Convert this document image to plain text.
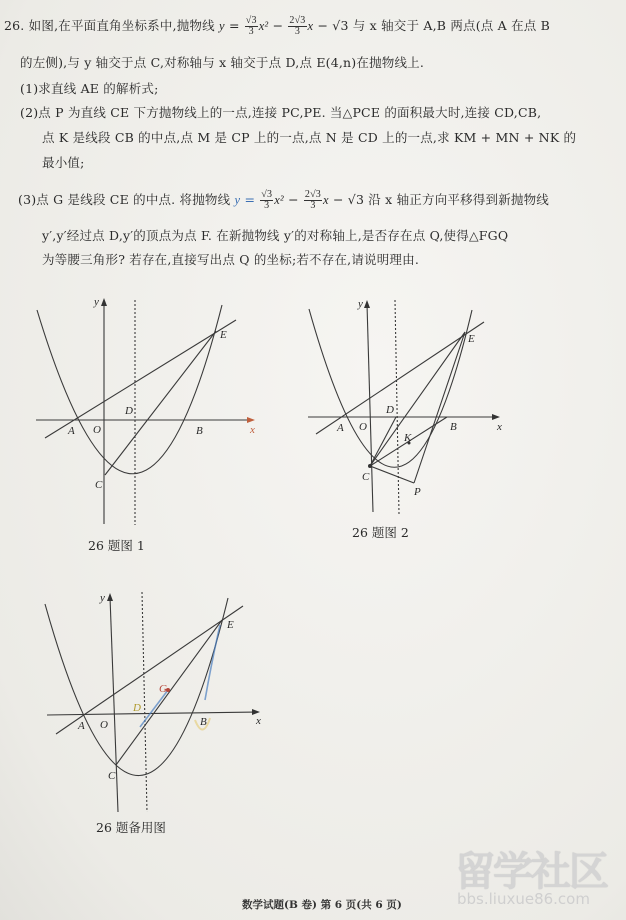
26. 如图,在平面直角坐标系中,抛物线 $y = \frac{√3}{3} x^2 - \frac{2√3}{3}$ x − √3 与 x 轴交于 A,B 两点(点 A 在点 B
的左侧),与 y 轴交于点 C,对称轴与 x 轴交于点 D,点 E(4,n)在抛物线上.
(1)求直线 AE 的解析式;
(2)点 P 为直线 CE 下方抛物线上的一点,连接 PC,PE. 当△PCE 的面积最大时,连接 CD,CB,
点 K 是线段 CB 的中点,点 M 是 CP 上的一点,点 N 是 CD 上的一点,求 KM + MN + NK 的
最小值;
(3)点 G 是线段 CE 的中点. 将抛物线 $y = \frac{√3}{3} x^2 - \frac{2√3}{3}$ x − √3 沿 x 轴正方向平移得到新抛物线
y′,y′经过点 D,y′的顶点为点 F. 在新抛物线 y′的对称轴上,是否存在点 Q,使得△FGQ
为等腰三角形? 若存在,直接写出点 Q 的坐标;若不存在,请说明理由.
y
x
A O
D
B
C
E
26 题图 1
y
x
A O
D
B
K
C
P
E
26 题图 2
y
x
A O
D
G
B
C
E
26 题备用图
数学试题(B 卷) 第 6 页(共 6 页)
留学社区
bbs.liuxue86.com
